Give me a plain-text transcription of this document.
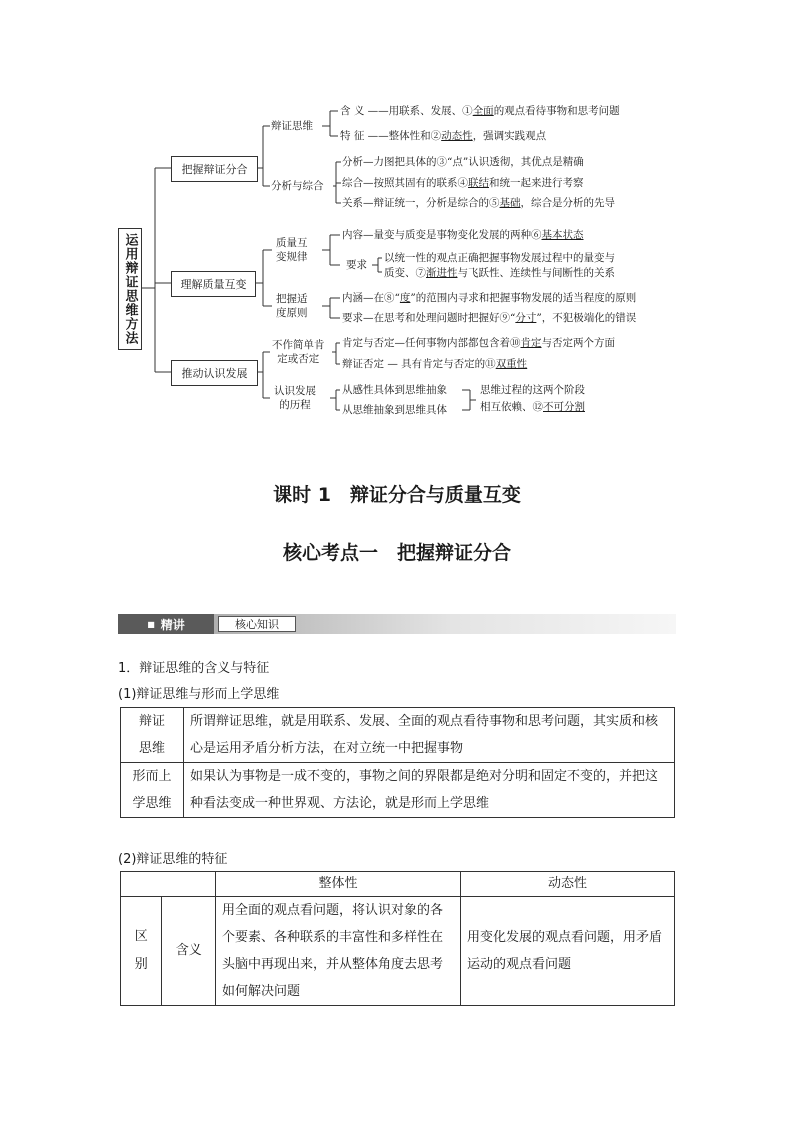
运用辩证思维方法
把握辩证分合
理解质量互变
推动认识发展
辩证思维
含 义 ——用联系、发展、①全面的观点看待事物和思考问题
特 征 ——整体性和②动态性，强调实践观点
分析与综合
分析—力图把具体的③“点”认识透彻，其优点是精确
综合—按照其固有的联系④联结和统一起来进行考察
关系—辩证统一，分析是综合的⑤基础，综合是分析的先导
质量互
变规律
内容—量变与质变是事物变化发展的两种⑥基本状态
要求
以统一性的观点正确把握事物发展过程中的量变与
质变、⑦渐进性与飞跃性、连续性与间断性的关系
把握适
度原则
内涵—在⑧“度”的范围内寻求和把握事物发展的适当程度的原则
要求—在思考和处理问题时把握好⑨“分寸”，不犯极端化的错误
不作简单肯
定或否定
肯定与否定—任何事物内部都包含着⑩肯定与否定两个方面
辩证否定 — 具有肯定与否定的⑪双重性
认识发展
的历程
从感性具体到思维抽象
从思维抽象到思维具体
思维过程的这两个阶段
相互依赖、⑫不可分割
课时 1　辩证分合与质量互变
核心考点一　把握辩证分合
■ 精讲	核心知识
1．辩证思维的含义与特征
(1)辩证思维与形而上学思维
辩证
思维	所谓辩证思维，就是用联系、发展、全面的观点看待事物和思考问题，其实质和核心是运用矛盾分析方法，在对立统一中把握事物

形而上
学思维	如果认为事物是一成不变的，事物之间的界限都是绝对分明和固定不变的，并把这种看法变成一种世界观、方法论，就是形而上学思维
(2)辩证思维的特征
		整体性	动态性

区
别	含义	用全面的观点看问题，将认识对象的各个要素、各种联系的丰富性和多样性在头脑中再现出来，并从整体角度去思考如何解决问题	用变化发展的观点看问题，用矛盾运动的观点看问题
